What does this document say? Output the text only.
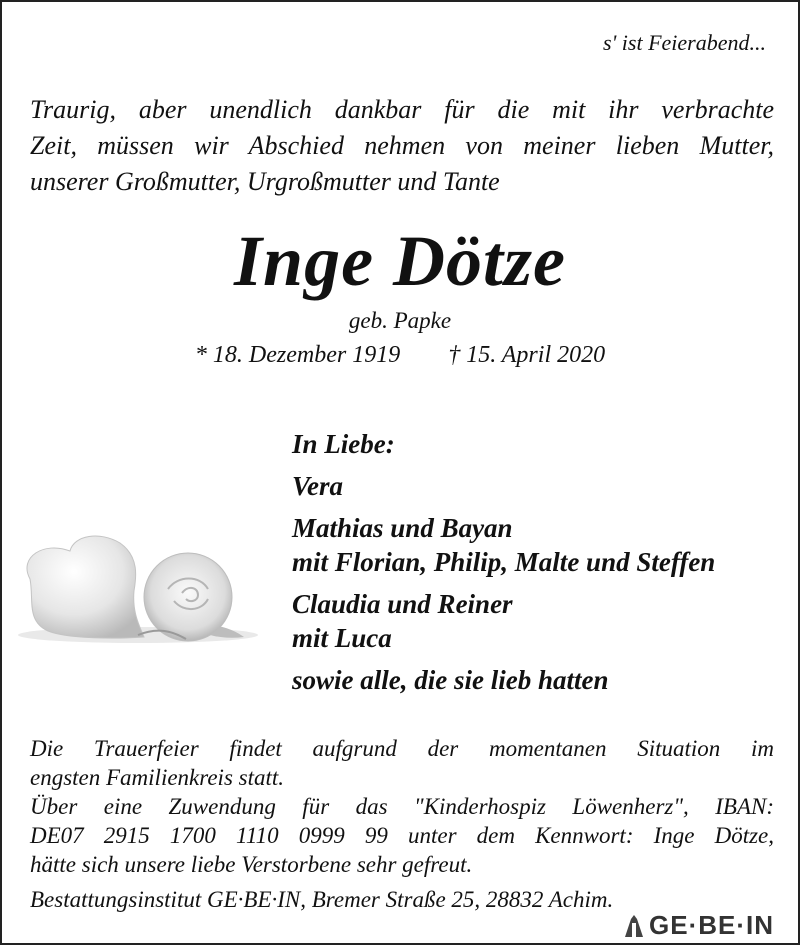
s' ist Feierabend...
Traurig, aber unendlich dankbar für die mit ihr verbrachte
Zeit, müssen wir Abschied nehmen von meiner lieben Mutter,
unserer Großmutter, Urgroßmutter und Tante
Inge Dötze
geb. Papke
* 18. Dezember 1919 † 15. April 2020
In Liebe:
Vera
Mathias und Bayan
mit Florian, Philip, Malte und Steffen
Claudia und Reiner
mit Luca
sowie alle, die sie lieb hatten
Die Trauerfeier findet aufgrund der momentanen Situation im
engsten Familienkreis statt.
Über eine Zuwendung für das "Kinderhospiz Löwenherz", IBAN:
DE07 2915 1700 1110 0999 99 unter dem Kennwort: Inge Dötze,
hätte sich unsere liebe Verstorbene sehr gefreut.
Bestattungsinstitut GE·BE·IN, Bremer Straße 25, 28832 Achim.
GE·BE·IN
